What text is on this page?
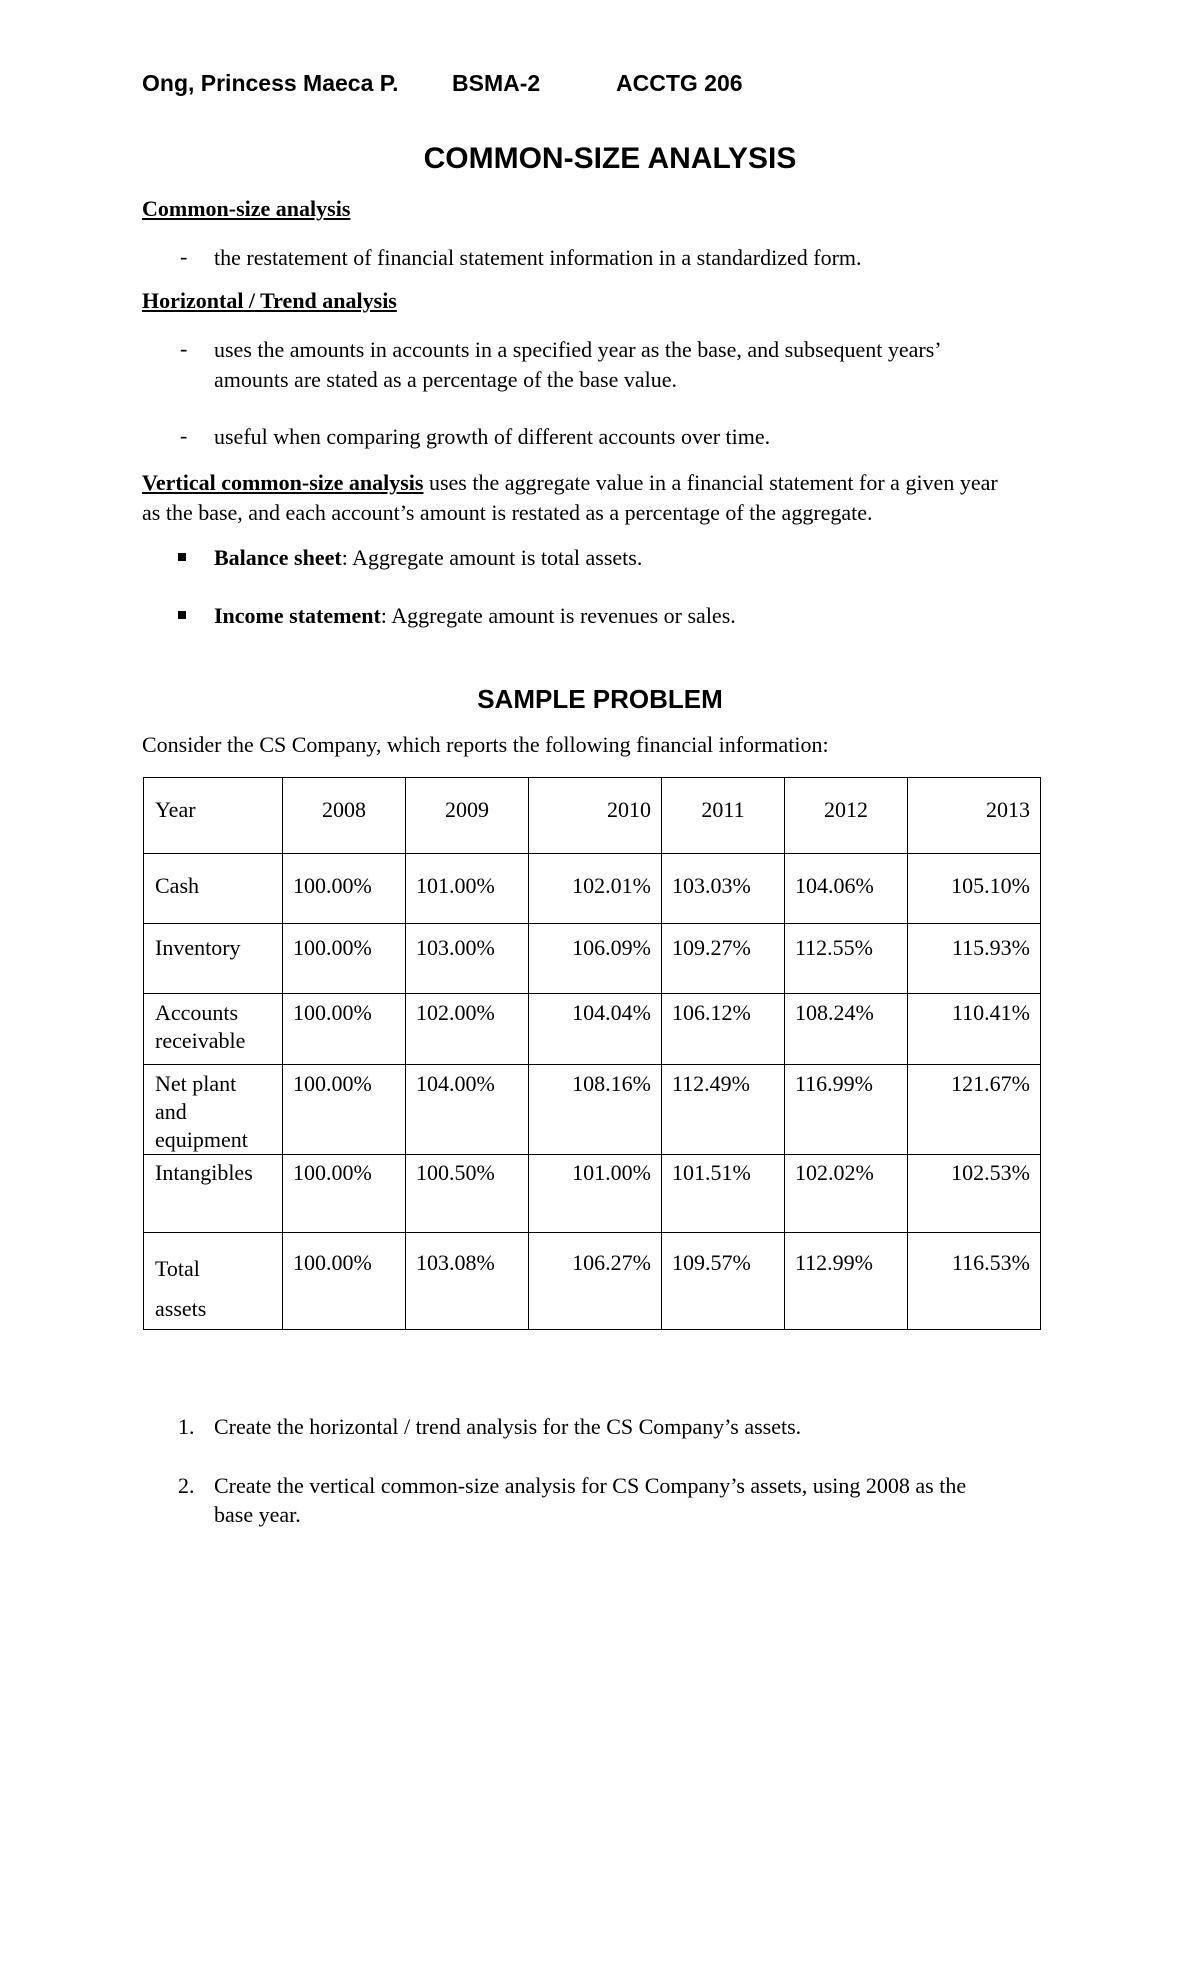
Ong, Princess Maeca P. BSMA-2	ACCTG 206
COMMON-SIZE ANALYSIS
Common-size analysis
- the restatement of financial statement information in a standardized form.
Horizontal / Trend analysis
- uses the amounts in accounts in a specified year as the base, and subsequent years’
amounts are stated as a percentage of the base value.
- useful when comparing growth of different accounts over time.
Vertical common-size analysis uses the aggregate value in a financial statement for a given year
as the base, and each account’s amount is restated as a percentage of the aggregate.
Balance sheet: Aggregate amount is total assets.
Income statement: Aggregate amount is revenues or sales.
SAMPLE PROBLEM
Consider the CS Company, which reports the following financial information:
Year	2008	2009	2010	2011	2012	2013

Cash	100.00%	101.00%	102.01%	103.03%	104.06%	105.10%

Inventory	100.00%	103.00%	106.09%	109.27%	112.55%	115.93%

Accounts
receivable	100.00%	102.00%	104.04%	106.12%	108.24%	110.41%

Net plant
and
equipment	100.00%	104.00%	108.16%	112.49%	116.99%	121.67%

Intangibles	100.00%	100.50%	101.00%	101.51%	102.02%	102.53%

Total
assets	100.00%	103.08%	106.27%	109.57%	112.99%	116.53%
1. Create the horizontal / trend analysis for the CS Company’s assets.
2. Create the vertical common-size analysis for CS Company’s assets, using 2008 as the
base year.
